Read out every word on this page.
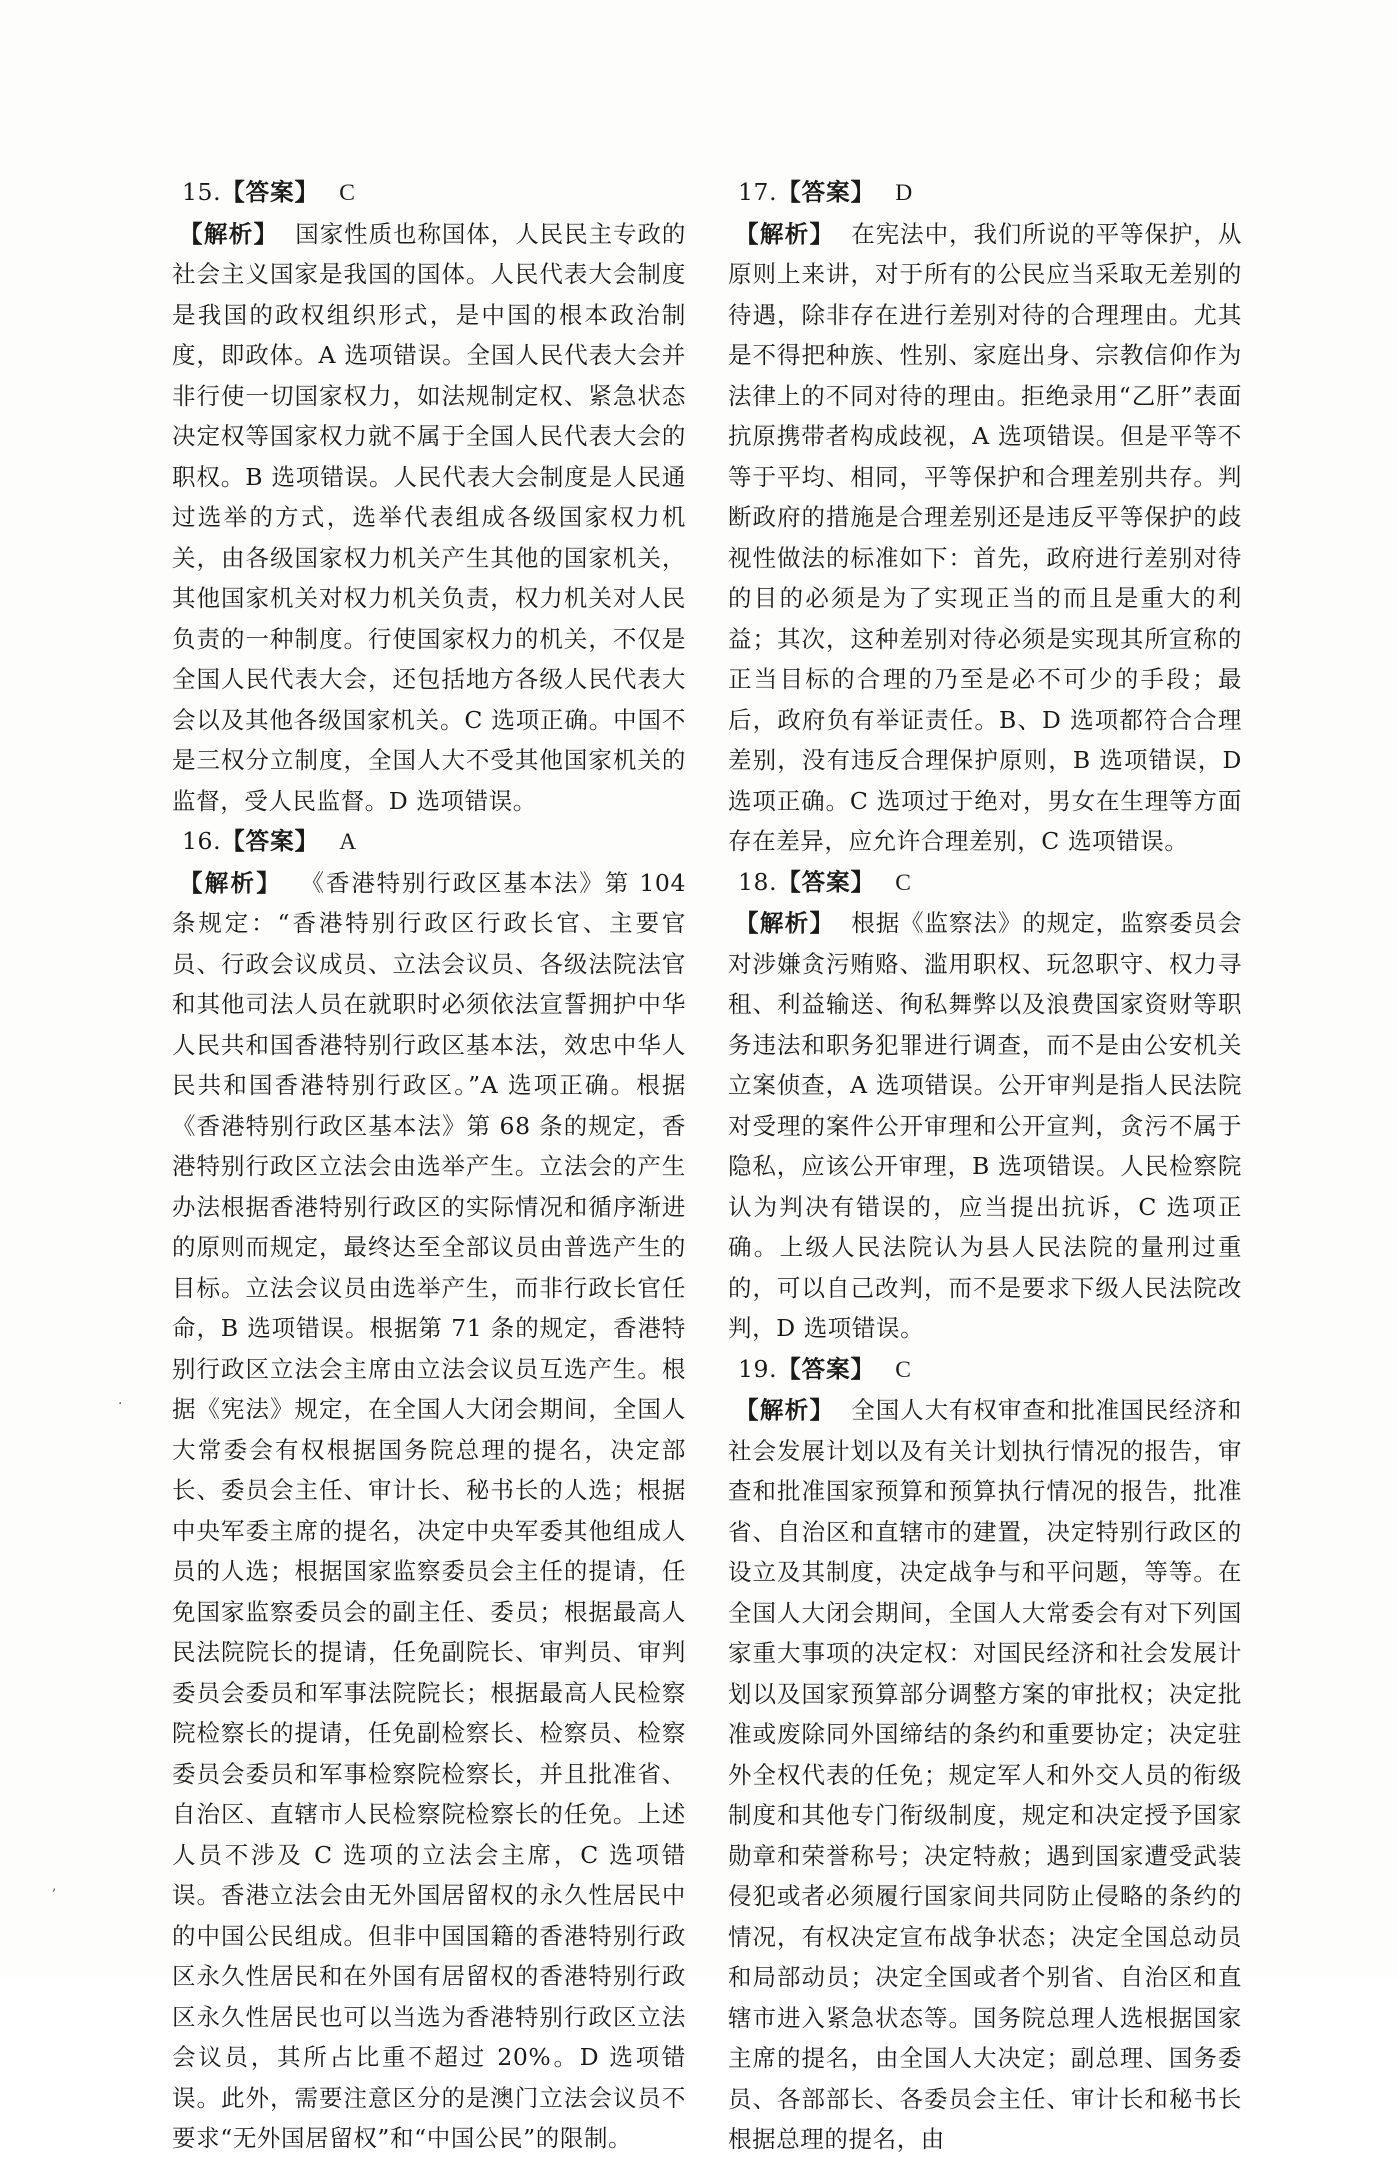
15.【答案】 C

【解析】 国家性质也称国体，人民民主专政的社会主义国家是我国的国体。人民代表大会制度是我国的政权组织形式，是中国的根本政治制度，即政体。A 选项错误。全国人民代表大会并非行使一切国家权力，如法规制定权、紧急状态决定权等国家权力就不属于全国人民代表大会的职权。B 选项错误。人民代表大会制度是人民通过选举的方式，选举代表组成各级国家权力机关，由各级国家权力机关产生其他的国家机关，其他国家机关对权力机关负责，权力机关对人民负责的一种制度。行使国家权力的机关，不仅是全国人民代表大会，还包括地方各级人民代表大会以及其他各级国家机关。C 选项正确。中国不是三权分立制度，全国人大不受其他国家机关的监督，受人民监督。D 选项错误。

16.【答案】 A

【解析】 《香港特别行政区基本法》第 104 条规定：“香港特别行政区行政长官、主要官员、行政会议成员、立法会议员、各级法院法官和其他司法人员在就职时必须依法宣誓拥护中华人民共和国香港特别行政区基本法，效忠中华人民共和国香港特别行政区。”A 选项正确。根据《香港特别行政区基本法》第 68 条的规定，香港特别行政区立法会由选举产生。立法会的产生办法根据香港特别行政区的实际情况和循序渐进的原则而规定，最终达至全部议员由普选产生的目标。立法会议员由选举产生，而非行政长官任命，B 选项错误。根据第 71 条的规定，香港特别行政区立法会主席由立法会议员互选产生。根据《宪法》规定，在全国人大闭会期间，全国人大常委会有权根据国务院总理的提名，决定部长、委员会主任、审计长、秘书长的人选；根据中央军委主席的提名，决定中央军委其他组成人员的人选；根据国家监察委员会主任的提请，任免国家监察委员会的副主任、委员；根据最高人民法院院长的提请，任免副院长、审判员、审判委员会委员和军事法院院长；根据最高人民检察院检察长的提请，任免副检察长、检察员、检察委员会委员和军事检察院检察长，并且批准省、自治区、直辖市人民检察院检察长的任免。上述人员不涉及 C 选项的立法会主席，C 选项错误。香港立法会由无外国居留权的永久性居民中的中国公民组成。但非中国国籍的香港特别行政区永久性居民和在外国有居留权的香港特别行政区永久性居民也可以当选为香港特别行政区立法会议员，其所占比重不超过 20%。D 选项错误。此外，需要注意区分的是澳门立法会议员不要求“无外国居留权”和“中国公民”的限制。

17.【答案】 D

【解析】 在宪法中，我们所说的平等保护，从原则上来讲，对于所有的公民应当采取无差别的待遇，除非存在进行差别对待的合理理由。尤其是不得把种族、性别、家庭出身、宗教信仰作为法律上的不同对待的理由。拒绝录用“乙肝”表面抗原携带者构成歧视，A 选项错误。但是平等不等于平均、相同，平等保护和合理差别共存。判断政府的措施是合理差别还是违反平等保护的歧视性做法的标准如下：首先，政府进行差别对待的目的必须是为了实现正当的而且是重大的利益；其次，这种差别对待必须是实现其所宣称的正当目标的合理的乃至是必不可少的手段；最后，政府负有举证责任。B、D 选项都符合合理差别，没有违反合理保护原则，B 选项错误，D 选项正确。C 选项过于绝对，男女在生理等方面存在差异，应允许合理差别，C 选项错误。

18.【答案】 C

【解析】 根据《监察法》的规定，监察委员会对涉嫌贪污贿赂、滥用职权、玩忽职守、权力寻租、利益输送、徇私舞弊以及浪费国家资财等职务违法和职务犯罪进行调查，而不是由公安机关立案侦查，A 选项错误。公开审判是指人民法院对受理的案件公开审理和公开宣判，贪污不属于隐私，应该公开审理，B 选项错误。人民检察院认为判决有错误的，应当提出抗诉，C 选项正确。上级人民法院认为县人民法院的量刑过重的，可以自己改判，而不是要求下级人民法院改判，D 选项错误。

19.【答案】 C

【解析】 全国人大有权审查和批准国民经济和社会发展计划以及有关计划执行情况的报告，审查和批准国家预算和预算执行情况的报告，批准省、自治区和直辖市的建置，决定特别行政区的设立及其制度，决定战争与和平问题，等等。在全国人大闭会期间，全国人大常委会有对下列国家重大事项的决定权：对国民经济和社会发展计划以及国家预算部分调整方案的审批权；决定批准或废除同外国缔结的条约和重要协定；决定驻外全权代表的任免；规定军人和外交人员的衔级制度和其他专门衔级制度，规定和决定授予国家勋章和荣誉称号；决定特赦；遇到国家遭受武装侵犯或者必须履行国家间共同防止侵略的条约的情况，有权决定宣布战争状态；决定全国总动员和局部动员；决定全国或者个别省、自治区和直辖市进入紧急状态等。国务院总理人选根据国家主席的提名，由全国人大决定；副总理、国务委员、各部部长、各委员会主任、审计长和秘书长根据总理的提名，由

·
,
